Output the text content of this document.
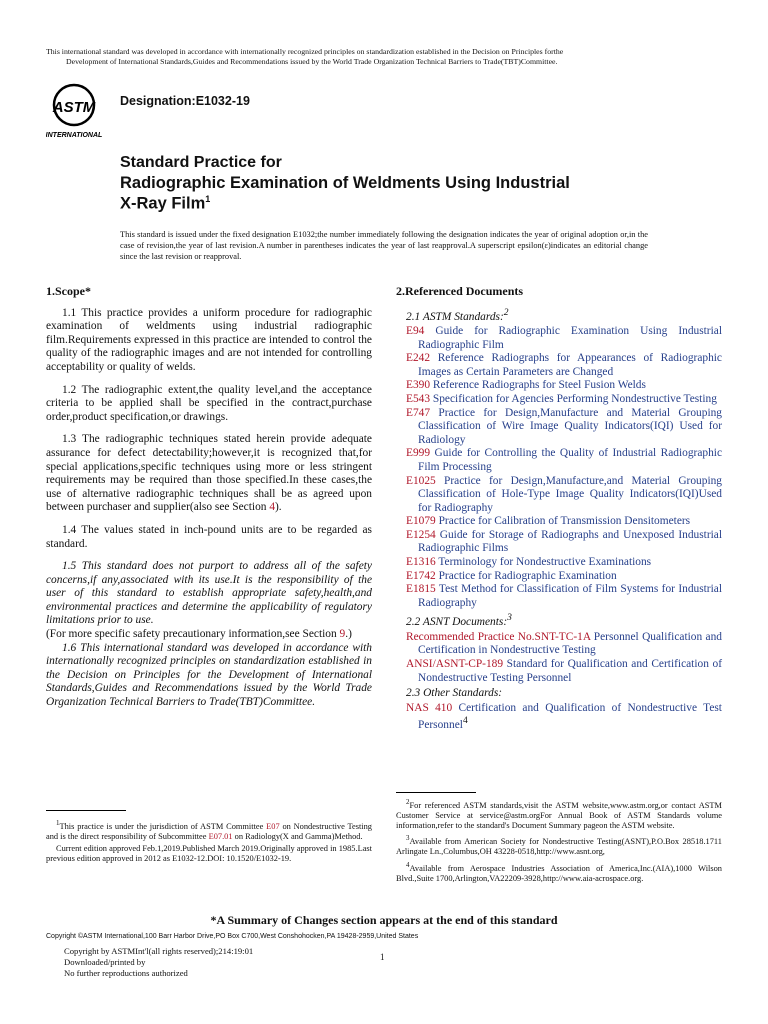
This international standard was developed in accordance with internationally recognized principles on standardization established in the Decision on Principles forthe
Development of International Standards,Guides and Recommendations issued by the World Trade Organization Technical Barriers to Trade(TBT)Committee.
ASTM
INTERNATIONAL
Designation:E1032-19
Standard Practice for
Radiographic Examination of Weldments Using Industrial
X-Ray Film$^1$
This standard is issued under the fixed designation E1032;the number immediately following the designation indicates the year of original adoption or,in the case of revision,the year of last revision.A number in parentheses indicates the year of last reapproval.A superscript epsilon(ε)indicates an editorial change since the last revision or reapproval.
1.Scope*
1.1 This practice provides a uniform procedure for radiographic examination of weldments using industrial radiographic film.Requirements expressed in this practice are intended to control the quality of the radiographic images and are not intended for controlling acceptability or quality of welds.
1.2 The radiographic extent,the quality level,and the acceptance criteria to be applied shall be specified in the contract,purchase order,product specification,or drawings.
1.3 The radiographic techniques stated herein provide adequate assurance for defect detectability;however,it is recognized that,for special applications,specific techniques using more or less stringent requirements may be required than those specified.In these cases,the use of alternative radiographic techniques shall be as agreed upon between purchaser and supplier(also see Section 4).
1.4 The values stated in inch-pound units are to be regarded as standard.
1.5 This standard does not purport to address all of the safety concerns,if any,associated with its use.It is the responsibility of the user of this standard to establish appropriate safety,health,and environmental practices and determine the applicability of regulatory limitations prior to use.
(For more specific safety precautionary information,see Section 9.)
1.6 This international standard was developed in accordance with internationally recognized principles on standardization established in the Decision on Principles for the Development of International Standards,Guides and Recommendations issued by the World Trade Organization Technical Barriers to Trade(TBT)Committee.

$^1$This practice is under the jurisdiction of ASTM Committee E07 on Nondestructive Testing and is the direct responsibility of Subcommittee E07.01 on Radiology(X and Gamma)Method.

Current edition approved Feb.1,2019.Published March 2019.Originally approved in 1985.Last previous edition approved in 2012 as E1032-12.DOI: 10.1520/E1032-19.

2.Referenced Documents
2.1 ASTM Standards:$^2$
E94 Guide for Radiographic Examination Using Industrial Radiographic Film
E242 Reference Radiographs for Appearances of Radiographic Images as Certain Parameters are Changed
E390 Reference Radiographs for Steel Fusion Welds
E543 Specification for Agencies Performing Nondestructive Testing
E747 Practice for Design,Manufacture and Material Grouping Classification of Wire Image Quality Indicators(IQI) Used for Radiology
E999 Guide for Controlling the Quality of Industrial Radiographic Film Processing
E1025 Practice for Design,Manufacture,and Material Grouping Classification of Hole-Type Image Quality Indicators(IQI)Used for Radiography
E1079 Practice for Calibration of Transmission Densitometers
E1254 Guide for Storage of Radiographs and Unexposed Industrial Radiographic Films
E1316 Terminology for Nondestructive Examinations
E1742 Practice for Radiographic Examination
E1815 Test Method for Classification of Film Systems for Industrial Radiography
2.2 ASNT Documents:$^3$
Recommended Practice No.SNT-TC-1A Personnel Qualification and Certification in Nondestructive Testing
ANSI/ASNT-CP-189 Standard for Qualification and Certification of Nondestructive Testing Personnel
2.3 Other Standards:
NAS 410 Certification and Qualification of Nondestructive Test Personnel$^4$

$^2$For referenced ASTM standards,visit the ASTM website,www.astm.org,or contact ASTM Customer Service at service@astm.orgFor Annual Book of ASTM Standards volume information,refer to the standard's Document Summary pageon the ASTM website.

$^3$Available from American Society for Nondestructive Testing(ASNT),P.O.Box 28518.1711 Arlingate Ln.,Columbus,OH 43228-0518,http://www.asnt.org,

$^4$Available from Aerospace Industries Association of America,Inc.(AIA),1000 Wilson Blvd.,Suite 1700,Arlington,VA22209-3928,http://www.aia-acrospace.org.

*A Summary of Changes section appears at the end of this standard
Copyright ©ASTM International,100 Barr Harbor Drive,PO Box C700,West Conshohocken,PA 19428-2959,United States
Copyright by ASTMInt'l(all rights reserved);214:19:01
Downloaded/printed by
No further reproductions authorized
1
